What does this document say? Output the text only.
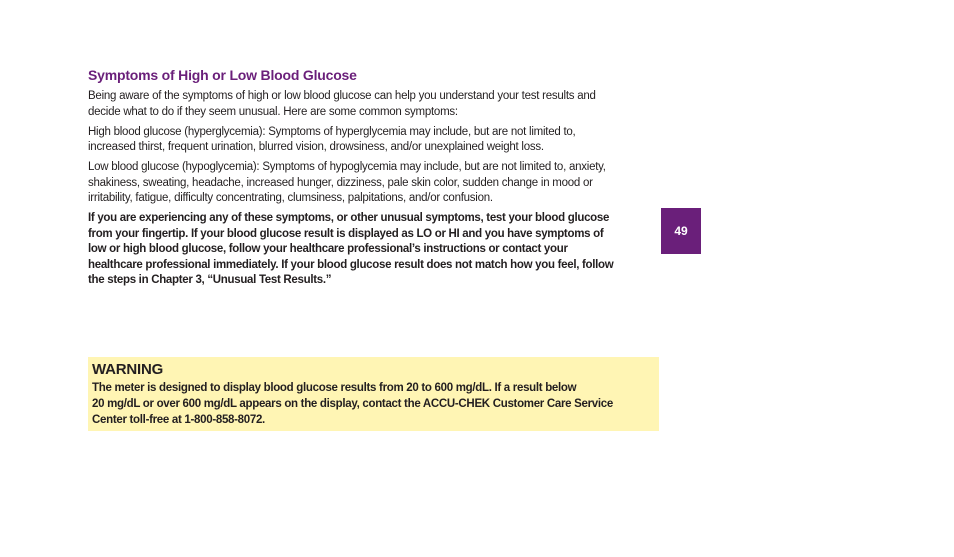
Symptoms of High or Low Blood Glucose

Being aware of the symptoms of high or low blood glucose can help you understand your test results and
decide what to do if they seem unusual. Here are some common symptoms:

High blood glucose (hyperglycemia): Symptoms of hyperglycemia may include, but are not limited to,
increased thirst, frequent urination, blurred vision, drowsiness, and/or unexplained weight loss.

Low blood glucose (hypoglycemia): Symptoms of hypoglycemia may include, but are not limited to, anxiety,
shakiness, sweating, headache, increased hunger, dizziness, pale skin color, sudden change in mood or
irritability, fatigue, difficulty concentrating, clumsiness, palpitations, and/or confusion.

If you are experiencing any of these symptoms, or other unusual symptoms, test your blood glucose
from your fingertip. If your blood glucose result is displayed as LO or HI and you have symptoms of
low or high blood glucose, follow your healthcare professional’s instructions or contact your
healthcare professional immediately. If your blood glucose result does not match how you feel, follow
the steps in Chapter 3, “Unusual Test Results.”

49
WARNING

The meter is designed to display blood glucose results from 20 to 600 mg/dL. If a result below
20 mg/dL or over 600 mg/dL appears on the display, contact the ACCU-CHEK Customer Care Service
Center toll-free at 1-800-858-8072.
